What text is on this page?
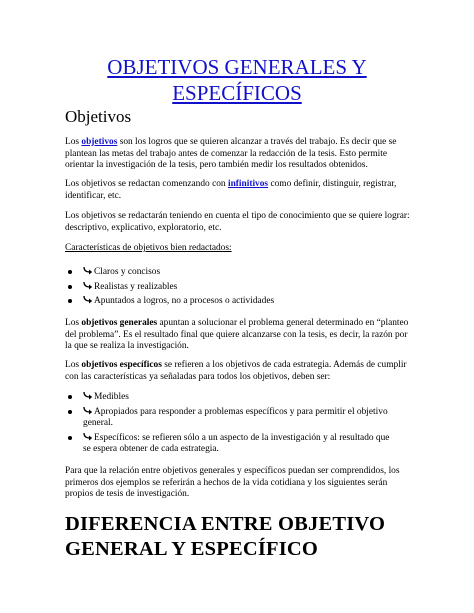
OBJETIVOS GENERALES Y
ESPECÍFICOS
Objetivos

Los objetivos son los logros que se quieren alcanzar a través del trabajo. Es decir que se
plantean las metas del trabajo antes de comenzar la redacción de la tesis. Esto permite
orientar la investigación de la tesis, pero también medir los resultados obtenidos.

Los objetivos se redactan comenzando con infinitivos como definir, distinguir, registrar,
identificar, etc.

Los objetivos se redactarán teniendo en cuenta el tipo de conocimiento que se quiere lograr:
descriptivo, explicativo, exploratorio, etc.

Características de objetivos bien redactados:

Claros y concisos
Realistas y realizables
Apuntados a logros, no a procesos o actividades

Los objetivos generales apuntan a solucionar el problema general determinado en “planteo
del problema”. Es el resultado final que quiere alcanzarse con la tesis, es decir, la razón por
la que se realiza la investigación.

Los objetivos específicos se refieren a los objetivos de cada estrategia. Además de cumplir
con las características ya señaladas para todos los objetivos, deben ser:

Medibles
Apropiados para responder a problemas específicos y para permitir el objetivo
general.
Específicos: se refieren sólo a un aspecto de la investigación y al resultado que
se espera obtener de cada estrategia.

Para que la relación entre objetivos generales y específicos puedan ser comprendidos, los
primeros dos ejemplos se referirán a hechos de la vida cotidiana y los siguientes serán
propios de tesis de investigación.

DIFERENCIA ENTRE OBJETIVO
GENERAL Y ESPECÍFICO
